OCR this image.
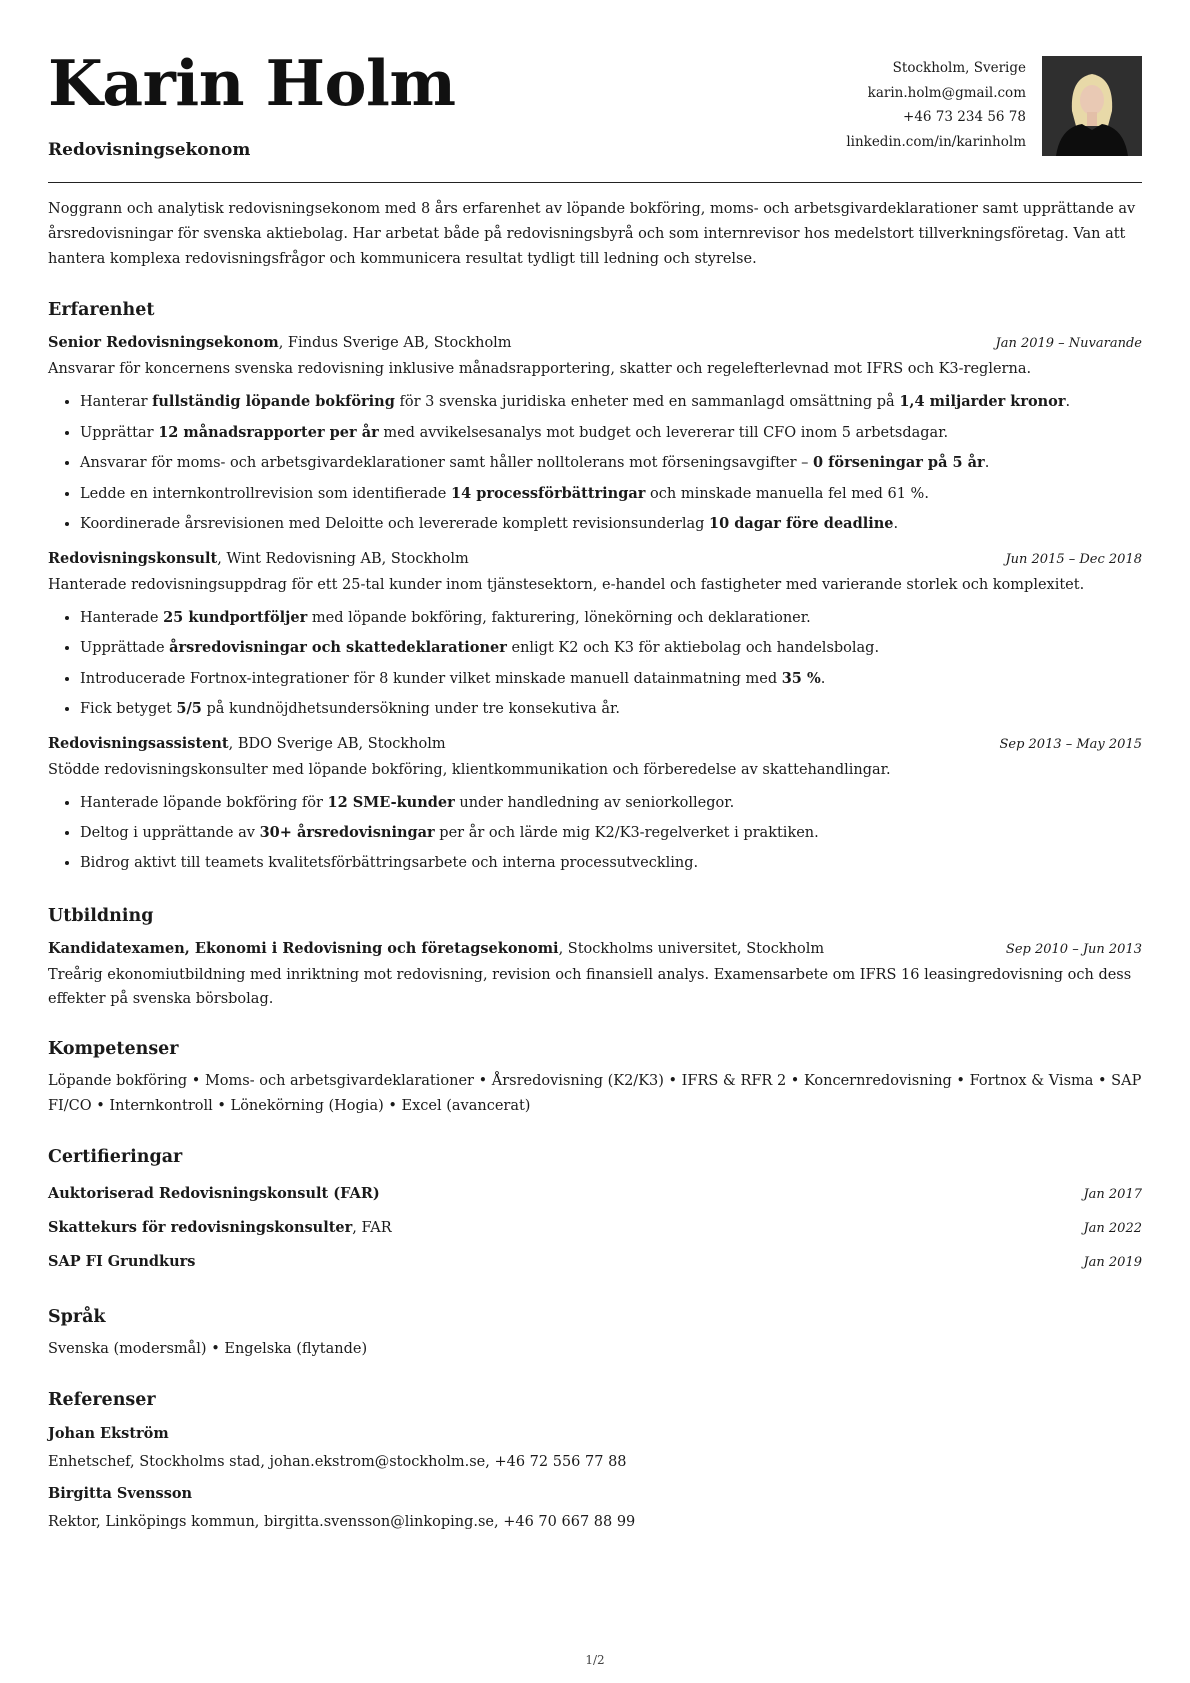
Karin Holm
Redovisningsekonom
Stockholm, Sverige
karin.holm@gmail.com
+46 73 234 56 78
linkedin.com/in/karinholm
Noggrann och analytisk redovisningsekonom med 8 års erfarenhet av löpande bokföring, moms- och arbetsgivardeklarationer samt upprättande av årsredovisningar för svenska aktiebolag. Har arbetat både på redovisningsbyrå och som internrevisor hos medelstort tillverkningsföretag. Van att hantera komplexa redovisningsfrågor och kommunicera resultat tydligt till ledning och styrelse.
Erfarenhet
Senior Redovisningsekonom, Findus Sverige AB, Stockholm	Jan 2019 – Nuvarande
Ansvarar för koncernens svenska redovisning inklusive månadsrapportering, skatter och regelefterlevnad mot IFRS och K3-reglerna.
• Hanterar fullständig löpande bokföring för 3 svenska juridiska enheter med en sammanlagd omsättning på 1,4 miljarder kronor.
• Upprättar 12 månadsrapporter per år med avvikelsesanalys mot budget och levererar till CFO inom 5 arbetsdagar.
• Ansvarar för moms- och arbetsgivardeklarationer samt håller nolltolerans mot förseningsavgifter – 0 förseningar på 5 år.
• Ledde en internkontrollrevision som identifierade 14 processförbättringar och minskade manuella fel med 61 %.
• Koordinerade årsrevisionen med Deloitte och levererade komplett revisionsunderlag 10 dagar före deadline.
Redovisningskonsult, Wint Redovisning AB, Stockholm	Jun 2015 – Dec 2018
Hanterade redovisningsuppdrag för ett 25-tal kunder inom tjänstesektorn, e-handel och fastigheter med varierande storlek och komplexitet.
• Hanterade 25 kundportföljer med löpande bokföring, fakturering, lönekörning och deklarationer.
• Upprättade årsredovisningar och skattedeklarationer enligt K2 och K3 för aktiebolag och handelsbolag.
• Introducerade Fortnox-integrationer för 8 kunder vilket minskade manuell datainmatning med 35 %.
• Fick betyget 5/5 på kundnöjdhetsundersökning under tre konsekutiva år.
Redovisningsassistent, BDO Sverige AB, Stockholm	Sep 2013 – May 2015
Stödde redovisningskonsulter med löpande bokföring, klientkommunikation och förberedelse av skattehandlingar.
• Hanterade löpande bokföring för 12 SME-kunder under handledning av seniorkollegor.
• Deltog i upprättande av 30+ årsredovisningar per år och lärde mig K2/K3-regelverket i praktiken.
• Bidrog aktivt till teamets kvalitetsförbättringsarbete och interna processutveckling.
Utbildning
Kandidatexamen, Ekonomi i Redovisning och företagsekonomi, Stockholms universitet, Stockholm	Sep 2010 – Jun 2013
Treårig ekonomiutbildning med inriktning mot redovisning, revision och finansiell analys. Examensarbete om IFRS 16 leasingredovisning och dess effekter på svenska börsbolag.
Kompetenser
Löpande bokföring • Moms- och arbetsgivardeklarationer • Årsredovisning (K2/K3) • IFRS & RFR 2 • Koncernredovisning • Fortnox & Visma • SAP FI/CO • Internkontroll • Lönekörning (Hogia) • Excel (avancerat)
Certifieringar
Auktoriserad Redovisningskonsult (FAR)	Jan 2017
Skattekurs för redovisningskonsulter, FAR	Jan 2022
SAP FI Grundkurs	Jan 2019
Språk
Svenska (modersmål) • Engelska (flytande)
Referenser
Johan Ekström
Enhetschef, Stockholms stad, johan.ekstrom@stockholm.se, +46 72 556 77 88
Birgitta Svensson
Rektor, Linköpings kommun, birgitta.svensson@linkoping.se, +46 70 667 88 99
1/2
